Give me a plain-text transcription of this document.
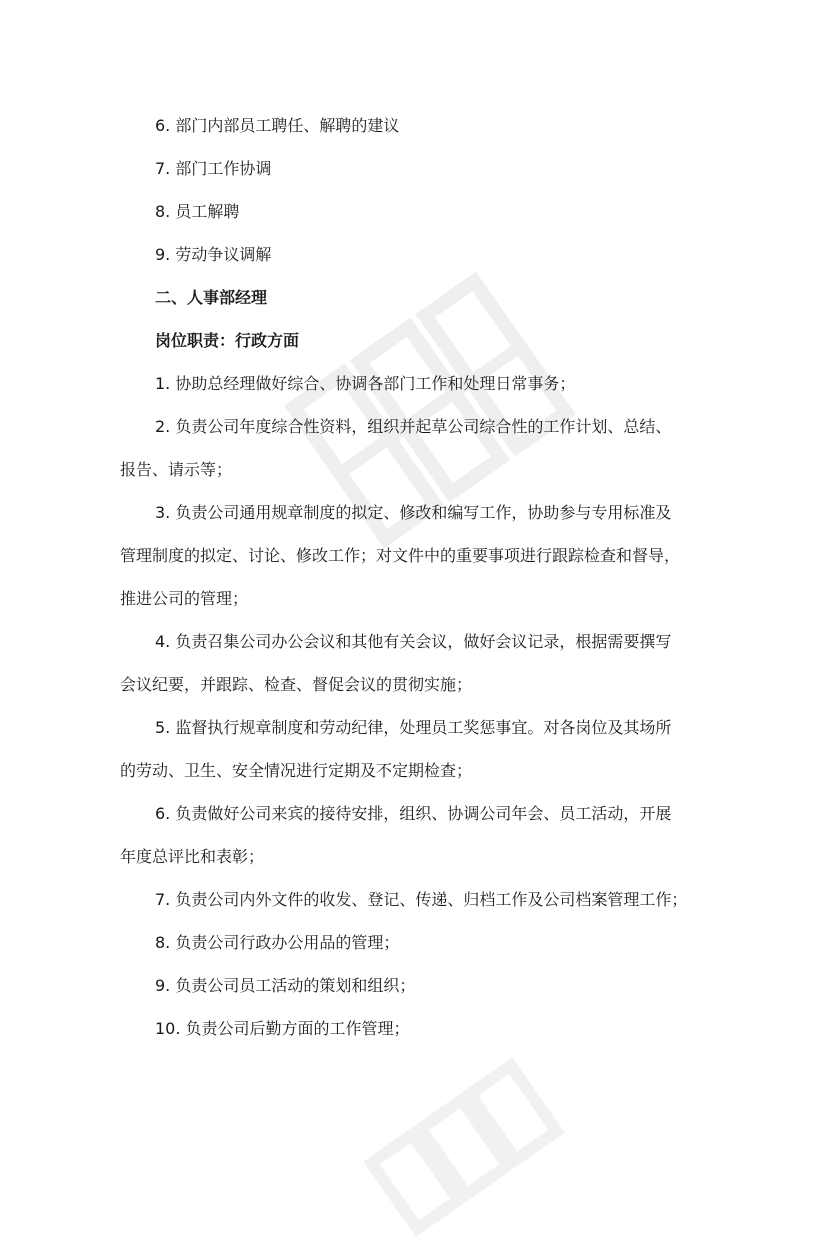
6. 部门内部员工聘任、解聘的建议

7. 部门工作协调

8. 员工解聘

9. 劳动争议调解

二、人事部经理

岗位职责：行政方面

1. 协助总经理做好综合、协调各部门工作和处理日常事务；

2. 负责公司年度综合性资料，组织并起草公司综合性的工作计划、总结、

报告、请示等；

3. 负责公司通用规章制度的拟定、修改和编写工作，协助参与专用标准及

管理制度的拟定、讨论、修改工作；对文件中的重要事项进行跟踪检查和督导，

推进公司的管理；

4. 负责召集公司办公会议和其他有关会议，做好会议记录，根据需要撰写

会议纪要，并跟踪、检查、督促会议的贯彻实施；

5. 监督执行规章制度和劳动纪律，处理员工奖惩事宜。对各岗位及其场所

的劳动、卫生、安全情况进行定期及不定期检查；

6. 负责做好公司来宾的接待安排，组织、协调公司年会、员工活动，开展

年度总评比和表彰；

7. 负责公司内外文件的收发、登记、传递、归档工作及公司档案管理工作；

8. 负责公司行政办公用品的管理；

9. 负责公司员工活动的策划和组织；

10. 负责公司后勤方面的工作管理；
